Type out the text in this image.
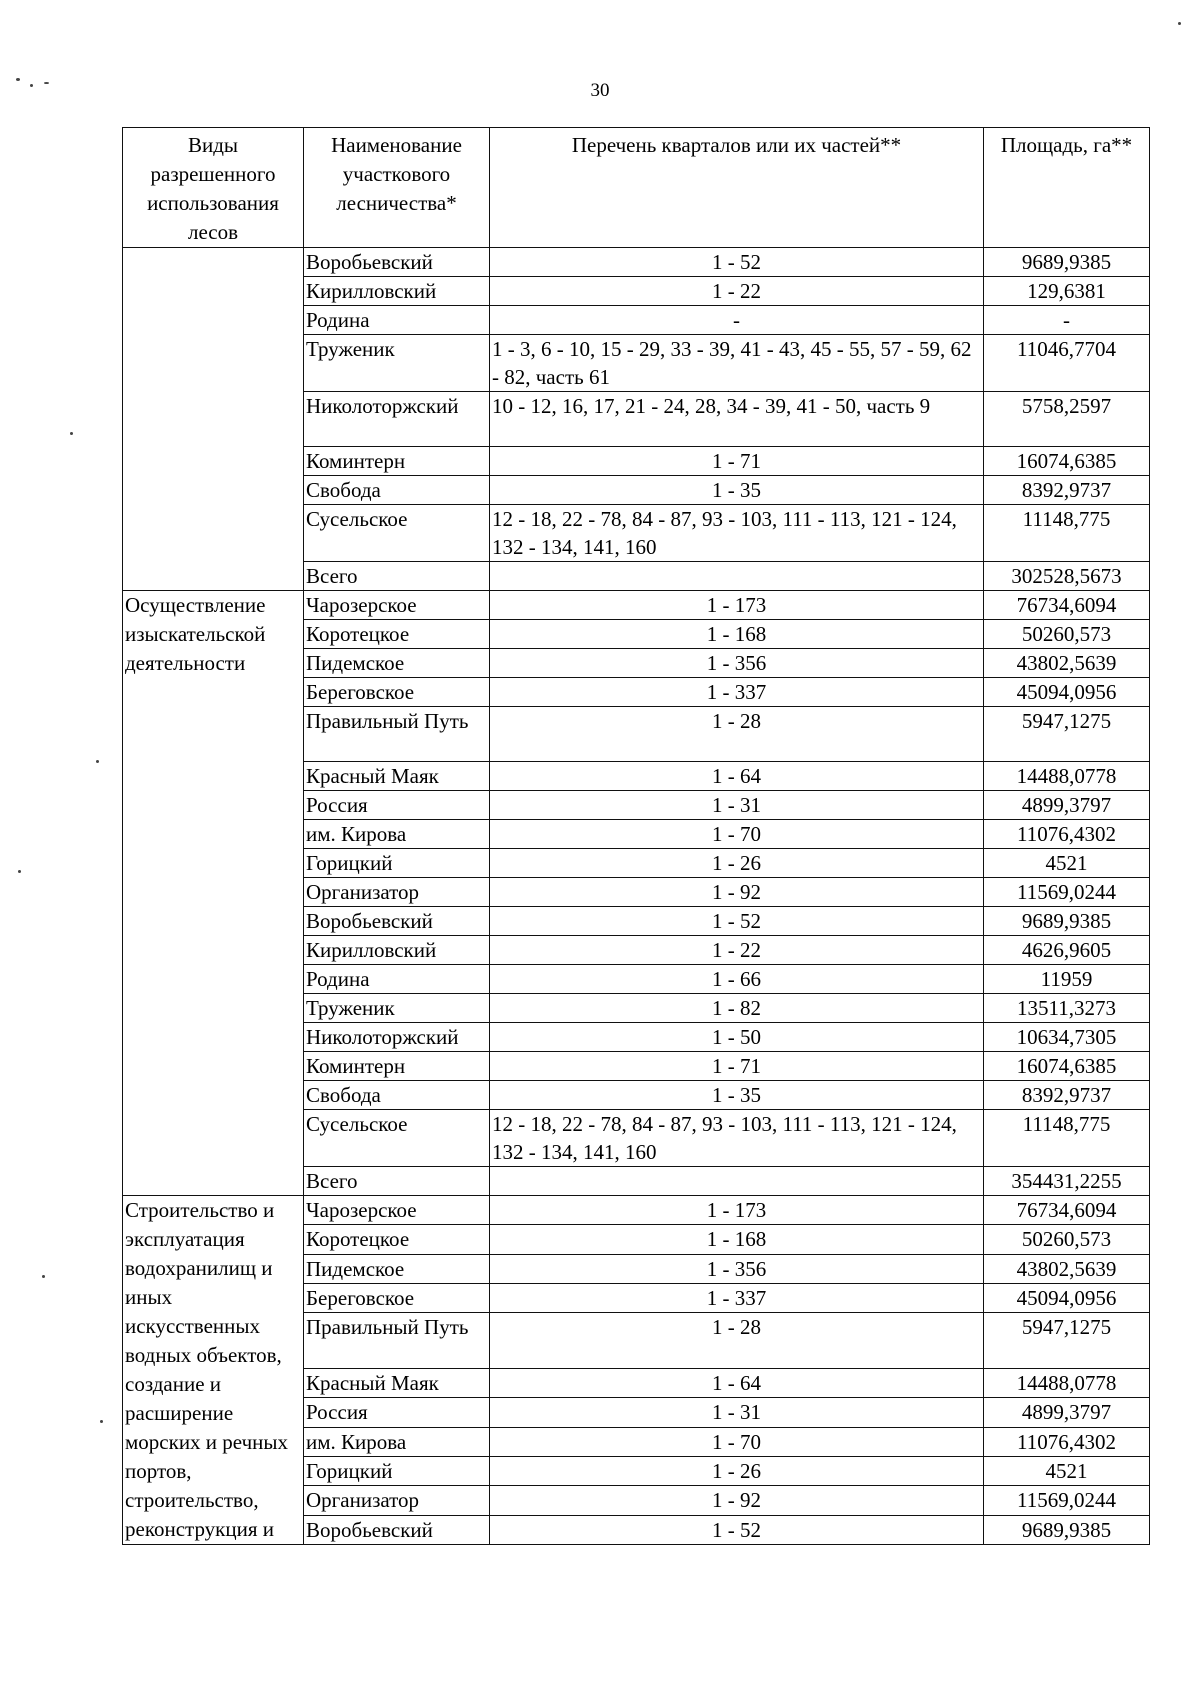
30
Виды разрешенного использования лесов	Наименование участкового лесничества*	Перечень кварталов или их частей**	Площадь, га**
	Воробьевский	1 - 52	9689,9385
	Кирилловский	1 - 22	129,6381
	Родина	-	-
	Труженик	1 - 3, 6 - 10, 15 - 29, 33 - 39, 41 - 43, 45 - 55, 57 - 59, 62 - 82, часть 61	11046,7704
	Николоторжский	10 - 12, 16, 17, 21 - 24, 28, 34 - 39, 41 - 50, часть 9	5758,2597
	Коминтерн	1 - 71	16074,6385
	Свобода	1 - 35	8392,9737
	Сусельское	12 - 18, 22 - 78, 84 - 87, 93 - 103, 111 - 113, 121 - 124, 132 - 134, 141, 160	11148,775
	Всего		302528,5673
Осуществление изыскательской деятельности	Чарозерское	1 - 173	76734,6094
	Коротецкое	1 - 168	50260,573
	Пидемское	1 - 356	43802,5639
	Береговское	1 - 337	45094,0956
	Правильный Путь	1 - 28	5947,1275
	Красный Маяк	1 - 64	14488,0778
	Россия	1 - 31	4899,3797
	им. Кирова	1 - 70	11076,4302
	Горицкий	1 - 26	4521
	Организатор	1 - 92	11569,0244
	Воробьевский	1 - 52	9689,9385
	Кирилловский	1 - 22	4626,9605
	Родина	1 - 66	11959
	Труженик	1 - 82	13511,3273
	Николоторжский	1 - 50	10634,7305
	Коминтерн	1 - 71	16074,6385
	Свобода	1 - 35	8392,9737
	Сусельское	12 - 18, 22 - 78, 84 - 87, 93 - 103, 111 - 113, 121 - 124, 132 - 134, 141, 160	11148,775
	Всего		354431,2255
Строительство и эксплуатация водохранилищ и иных искусственных водных объектов, создание и расширение морских и речных портов, строительство, реконструкция и	Чарозерское	1 - 173	76734,6094
	Коротецкое	1 - 168	50260,573
	Пидемское	1 - 356	43802,5639
	Береговское	1 - 337	45094,0956
	Правильный Путь	1 - 28	5947,1275
	Красный Маяк	1 - 64	14488,0778
	Россия	1 - 31	4899,3797
	им. Кирова	1 - 70	11076,4302
	Горицкий	1 - 26	4521
	Организатор	1 - 92	11569,0244
	Воробьевский	1 - 52	9689,9385
